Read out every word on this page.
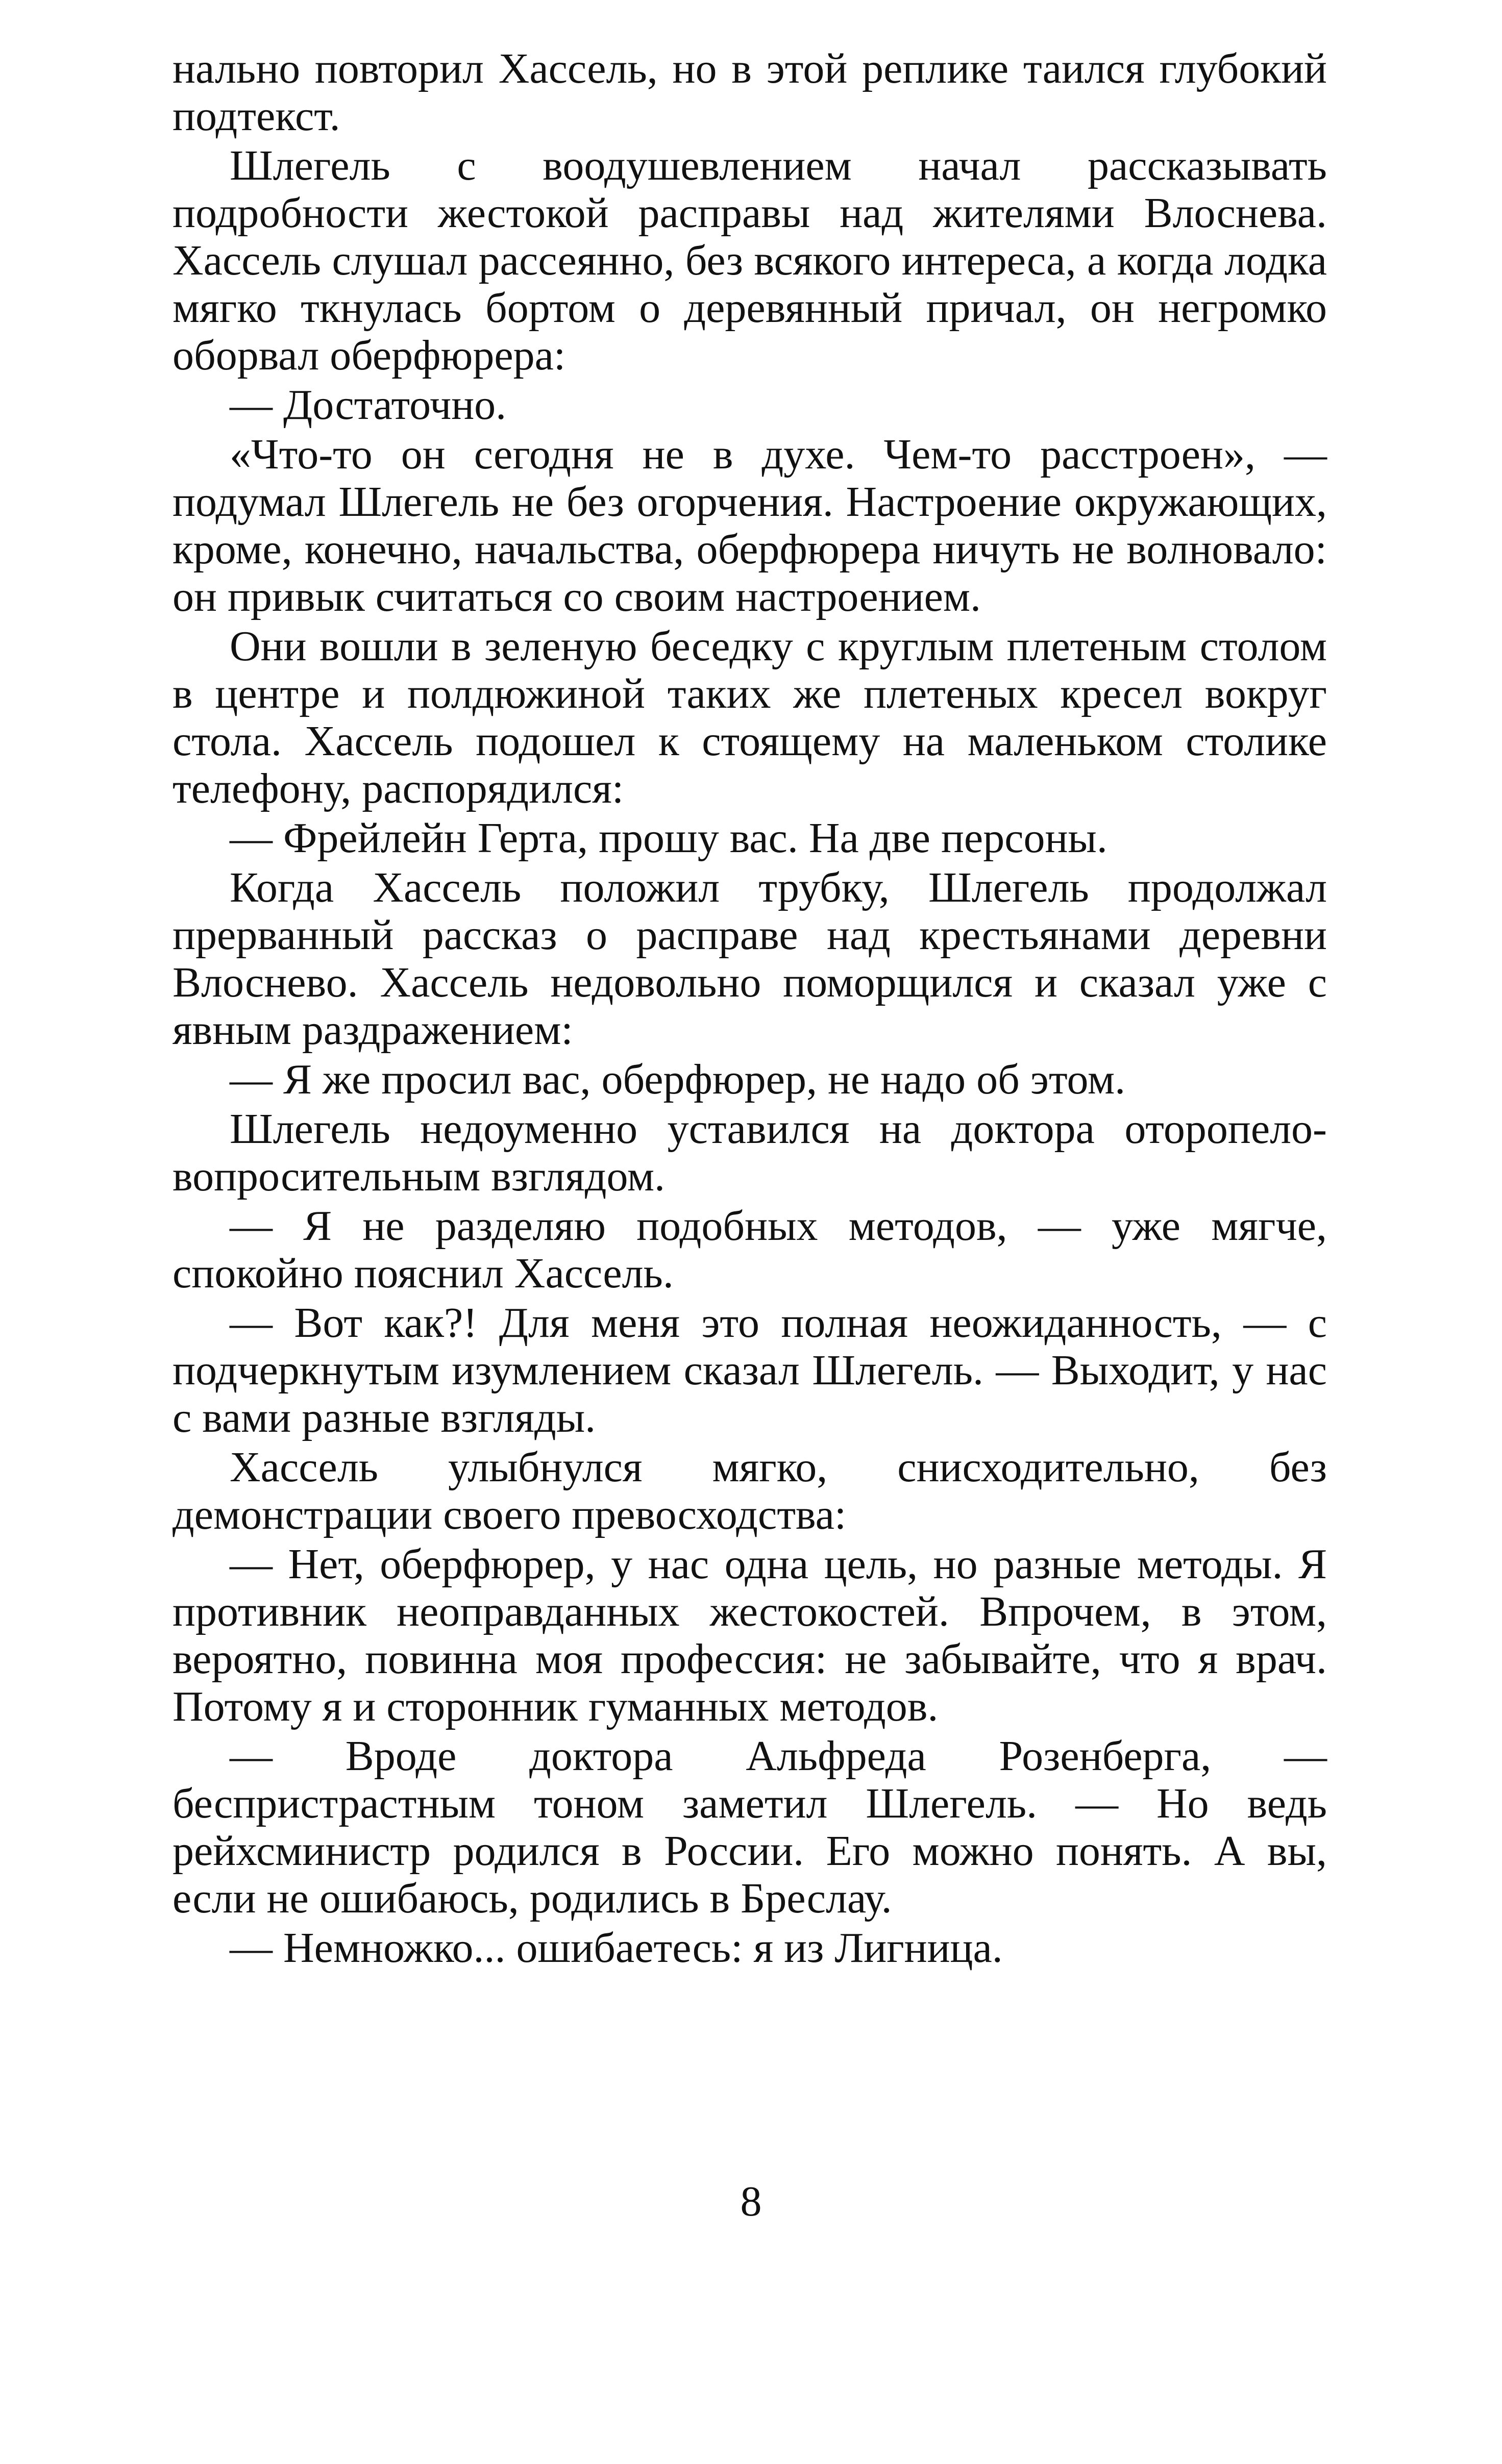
нально повторил Хассель, но в этой реплике таился глубокий подтекст.

Шлегель с воодушевлением начал рассказывать подробности жестокой расправы над жителями Влоснева. Хассель слушал рассеянно, без всякого интереса, а когда лодка мягко ткнулась бортом о деревянный причал, он негромко оборвал оберфюрера:

— Достаточно.

«Что-то он сегодня не в духе. Чем-то расстроен», — подумал Шлегель не без огорчения. Настроение окружающих, кроме, конечно, начальства, оберфюрера ничуть не волновало: он привык считаться со своим настроением.

Они вошли в зеленую беседку с круглым плетеным столом в центре и полдюжиной таких же плетеных кресел вокруг стола. Хассель подошел к стоящему на маленьком столике телефону, распорядился:

— Фрейлейн Герта, прошу вас. На две персоны.

Когда Хассель положил трубку, Шлегель продолжал прерванный рассказ о расправе над крестьянами деревни Влоснево. Хассель недовольно поморщился и сказал уже с явным раздражением:

— Я же просил вас, оберфюрер, не надо об этом.

Шлегель недоуменно уставился на доктора оторопело-вопросительным взглядом.

— Я не разделяю подобных методов, — уже мягче, спокойно пояснил Хассель.

— Вот как?! Для меня это полная неожиданность, — с подчеркнутым изумлением сказал Шлегель. — Выходит, у нас с вами разные взгляды.

Хассель улыбнулся мягко, снисходительно, без демонстрации своего превосходства:

— Нет, оберфюрер, у нас одна цель, но разные методы. Я противник неоправданных жестокостей. Впрочем, в этом, вероятно, повинна моя профессия: не забывайте, что я врач. Потому я и сторонник гуманных методов.

— Вроде доктора Альфреда Розенберга, — беспристрастным тоном заметил Шлегель. — Но ведь рейхсминистр родился в России. Его можно понять. А вы, если не ошибаюсь, родились в Бреслау.

— Немножко... ошибаетесь: я из Лигница.

8
